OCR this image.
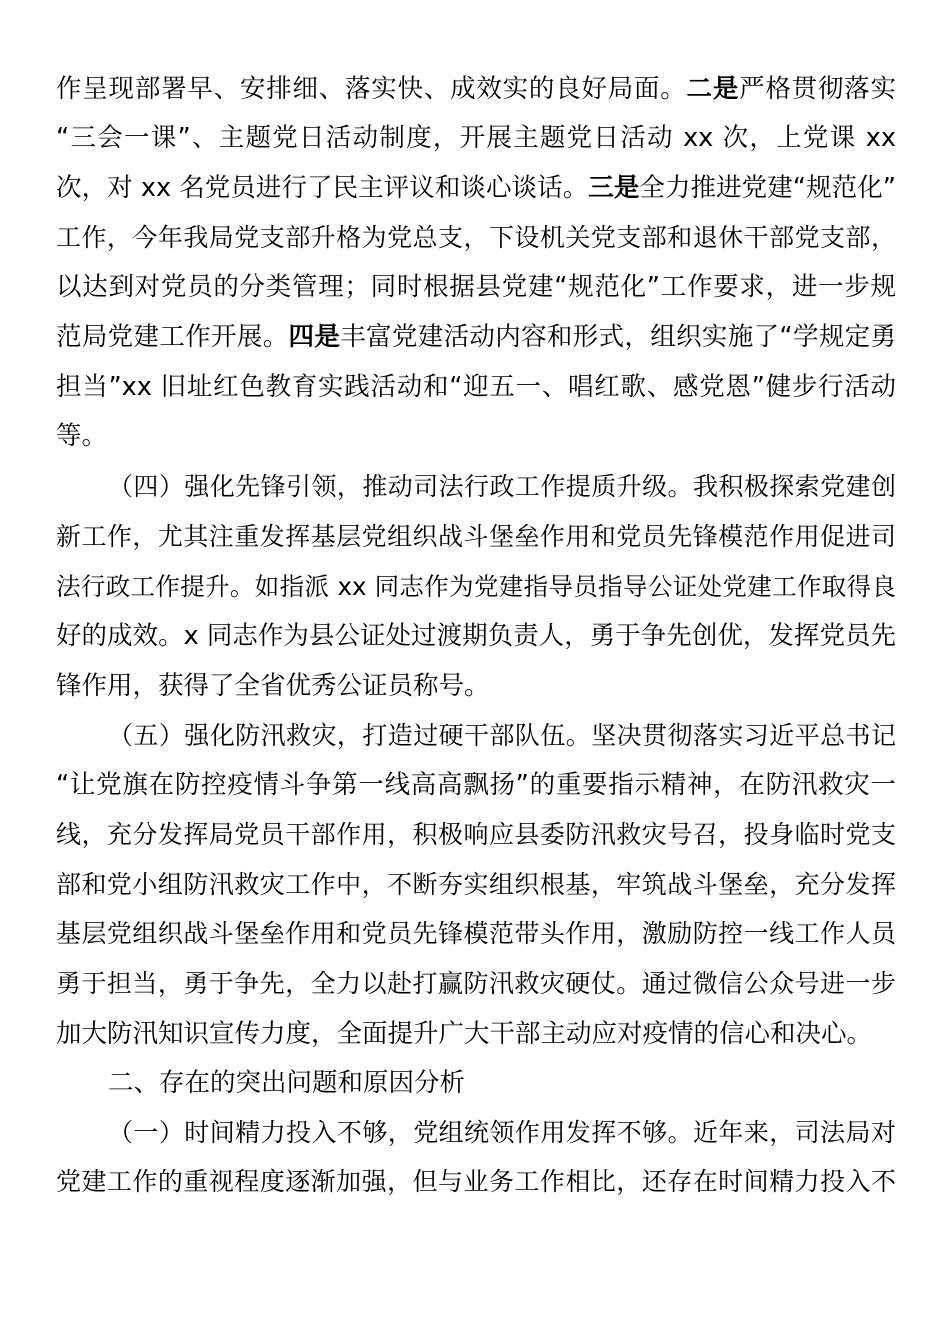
作呈现部署早、安排细、落实快、成效实的良好局面。二是严格贯彻落实
“三会一课”、主题党日活动制度，开展主题党日活动 xx 次，上党课 xx
次，对 xx 名党员进行了民主评议和谈心谈话。三是全力推进党建“规范化”
工作，今年我局党支部升格为党总支，下设机关党支部和退休干部党支部，
以达到对党员的分类管理；同时根据县党建“规范化”工作要求，进一步规
范局党建工作开展。四是丰富党建活动内容和形式，组织实施了“学规定勇
担当”xx 旧址红色教育实践活动和“迎五一、唱红歌、感党恩”健步行活动
等。
（四）强化先锋引领，推动司法行政工作提质升级。我积极探索党建创
新工作，尤其注重发挥基层党组织战斗堡垒作用和党员先锋模范作用促进司
法行政工作提升。如指派 xx 同志作为党建指导员指导公证处党建工作取得良
好的成效。x 同志作为县公证处过渡期负责人，勇于争先创优，发挥党员先
锋作用，获得了全省优秀公证员称号。
（五）强化防汛救灾，打造过硬干部队伍。坚决贯彻落实习近平总书记
“让党旗在防控疫情斗争第一线高高飘扬”的重要指示精神，在防汛救灾一
线，充分发挥局党员干部作用，积极响应县委防汛救灾号召，投身临时党支
部和党小组防汛救灾工作中，不断夯实组织根基，牢筑战斗堡垒，充分发挥
基层党组织战斗堡垒作用和党员先锋模范带头作用，激励防控一线工作人员
勇于担当，勇于争先，全力以赴打赢防汛救灾硬仗。通过微信公众号进一步
加大防汛知识宣传力度，全面提升广大干部主动应对疫情的信心和决心。
二、存在的突出问题和原因分析
（一）时间精力投入不够，党组统领作用发挥不够。近年来，司法局对
党建工作的重视程度逐渐加强，但与业务工作相比，还存在时间精力投入不
